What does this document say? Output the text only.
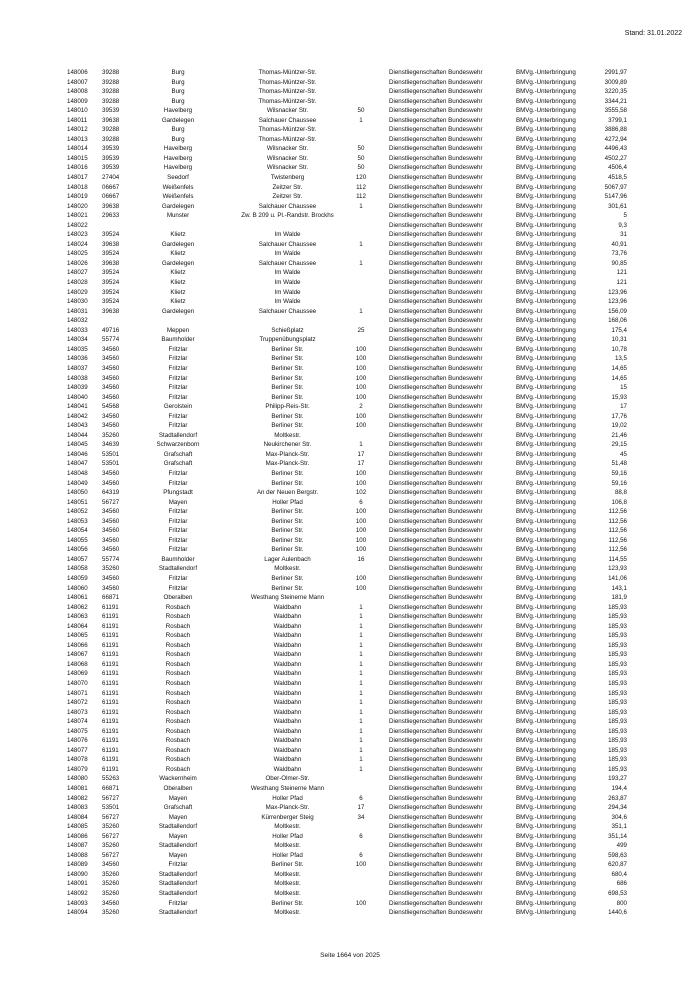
Stand: 31.01.2022
148006 39288	Burg	Thomas-Müntzer-Str.	Dienstliegenschaften Bundeswehr	BMVg.-Unterbringung	2991,97
148007 39288	Burg	Thomas-Müntzer-Str.	Dienstliegenschaften Bundeswehr	BMVg.-Unterbringung	3009,89
148008 39288	Burg	Thomas-Müntzer-Str.	Dienstliegenschaften Bundeswehr	BMVg.-Unterbringung	3220,35
148009 39288	Burg	Thomas-Müntzer-Str.	Dienstliegenschaften Bundeswehr	BMVg.-Unterbringung	3344,21
148010 39539	Havelberg	Wilsnacker Str.	50	Dienstliegenschaften Bundeswehr	BMVg.-Unterbringung	3555,58
148011 39638	Gardelegen	Salchauer Chaussee	1	Dienstliegenschaften Bundeswehr	BMVg.-Unterbringung	3799,1
148012 39288	Burg	Thomas-Müntzer-Str.	Dienstliegenschaften Bundeswehr	BMVg.-Unterbringung	3886,88
148013 39288	Burg	Thomas-Müntzer-Str.	Dienstliegenschaften Bundeswehr	BMVg.-Unterbringung	4272,94
148014 39539	Havelberg	Wilsnacker Str.	50	Dienstliegenschaften Bundeswehr	BMVg.-Unterbringung	4496,43
148015 39539	Havelberg	Wilsnacker Str.	50	Dienstliegenschaften Bundeswehr	BMVg.-Unterbringung	4502,27
148016 39539	Havelberg	Wilsnacker Str.	50	Dienstliegenschaften Bundeswehr	BMVg.-Unterbringung	4506,4
148017 27404	Seedorf	Twistenberg	120	Dienstliegenschaften Bundeswehr	BMVg.-Unterbringung	4518,5
148018 06667	Weißenfels	Zeitzer Str.	112	Dienstliegenschaften Bundeswehr	BMVg.-Unterbringung	5067,97
148019 06667	Weißenfels	Zeitzer Str.	112	Dienstliegenschaften Bundeswehr	BMVg.-Unterbringung	5147,96
148020 39638	Gardelegen	Salchauer Chaussee	1	Dienstliegenschaften Bundeswehr	BMVg.-Unterbringung	301,61
148021 29633	Munster	Zw. B 209 u. Pl.-Randstr. Brockhs	Dienstliegenschaften Bundeswehr	BMVg.-Unterbringung	5
148022	Dienstliegenschaften Bundeswehr	BMVg.-Unterbringung	9,3
148023 39524	Klietz	Im Walde	Dienstliegenschaften Bundeswehr	BMVg.-Unterbringung	31
148024 39638	Gardelegen	Salchauer Chaussee	1	Dienstliegenschaften Bundeswehr	BMVg.-Unterbringung	40,91
148025 39524	Klietz	Im Walde	Dienstliegenschaften Bundeswehr	BMVg.-Unterbringung	73,76
148026 39638	Gardelegen	Salchauer Chaussee	1	Dienstliegenschaften Bundeswehr	BMVg.-Unterbringung	90,85
148027 39524	Klietz	Im Walde	Dienstliegenschaften Bundeswehr	BMVg.-Unterbringung	121
148028 39524	Klietz	Im Walde	Dienstliegenschaften Bundeswehr	BMVg.-Unterbringung	121
148029 39524	Klietz	Im Walde	Dienstliegenschaften Bundeswehr	BMVg.-Unterbringung	123,96
148030 39524	Klietz	Im Walde	Dienstliegenschaften Bundeswehr	BMVg.-Unterbringung	123,96
148031 39638	Gardelegen	Salchauer Chaussee	1	Dienstliegenschaften Bundeswehr	BMVg.-Unterbringung	156,09
148032	Dienstliegenschaften Bundeswehr	BMVg.-Unterbringung	168,06
148033 49716	Meppen	Schießplatz	25	Dienstliegenschaften Bundeswehr	BMVg.-Unterbringung	175,4
148034 55774	Baumholder	Truppenübungsplatz	Dienstliegenschaften Bundeswehr	BMVg.-Unterbringung	10,31
148035 34560	Fritzlar	Berliner Str.	100	Dienstliegenschaften Bundeswehr	BMVg.-Unterbringung	10,78
148036 34560	Fritzlar	Berliner Str.	100	Dienstliegenschaften Bundeswehr	BMVg.-Unterbringung	13,5
148037 34560	Fritzlar	Berliner Str.	100	Dienstliegenschaften Bundeswehr	BMVg.-Unterbringung	14,65
148038 34560	Fritzlar	Berliner Str.	100	Dienstliegenschaften Bundeswehr	BMVg.-Unterbringung	14,65
148039 34560	Fritzlar	Berliner Str.	100	Dienstliegenschaften Bundeswehr	BMVg.-Unterbringung	15
148040 34560	Fritzlar	Berliner Str.	100	Dienstliegenschaften Bundeswehr	BMVg.-Unterbringung	15,93
148041 54568	Gerolstein	Philipp-Reis-Str.	2	Dienstliegenschaften Bundeswehr	BMVg.-Unterbringung	17
148042 34560	Fritzlar	Berliner Str.	100	Dienstliegenschaften Bundeswehr	BMVg.-Unterbringung	17,76
148043 34560	Fritzlar	Berliner Str.	100	Dienstliegenschaften Bundeswehr	BMVg.-Unterbringung	19,02
148044 35260	Stadtallendorf	Moltkestr.	Dienstliegenschaften Bundeswehr	BMVg.-Unterbringung	21,46
148045 34639	Schwarzenborn	Neukirchener Str.	1	Dienstliegenschaften Bundeswehr	BMVg.-Unterbringung	29,15
148046 53501	Grafschaft	Max-Planck-Str.	17	Dienstliegenschaften Bundeswehr	BMVg.-Unterbringung	45
148047 53501	Grafschaft	Max-Planck-Str.	17	Dienstliegenschaften Bundeswehr	BMVg.-Unterbringung	51,48
148048 34560	Fritzlar	Berliner Str.	100	Dienstliegenschaften Bundeswehr	BMVg.-Unterbringung	59,16
148049 34560	Fritzlar	Berliner Str.	100	Dienstliegenschaften Bundeswehr	BMVg.-Unterbringung	59,16
148050 64319	Pfungstadt	An der Neuen Bergstr.	102	Dienstliegenschaften Bundeswehr	BMVg.-Unterbringung	88,8
148051 56727	Mayen	Holler Pfad	6	Dienstliegenschaften Bundeswehr	BMVg.-Unterbringung	106,8
148052 34560	Fritzlar	Berliner Str.	100	Dienstliegenschaften Bundeswehr	BMVg.-Unterbringung	112,56
148053 34560	Fritzlar	Berliner Str.	100	Dienstliegenschaften Bundeswehr	BMVg.-Unterbringung	112,56
148054 34560	Fritzlar	Berliner Str.	100	Dienstliegenschaften Bundeswehr	BMVg.-Unterbringung	112,56
148055 34560	Fritzlar	Berliner Str.	100	Dienstliegenschaften Bundeswehr	BMVg.-Unterbringung	112,56
148056 34560	Fritzlar	Berliner Str.	100	Dienstliegenschaften Bundeswehr	BMVg.-Unterbringung	112,56
148057 55774	Baumholder	Lager Aulenbach	16	Dienstliegenschaften Bundeswehr	BMVg.-Unterbringung	114,55
148058 35260	Stadtallendorf	Moltkestr.	Dienstliegenschaften Bundeswehr	BMVg.-Unterbringung	123,93
148059 34560	Fritzlar	Berliner Str.	100	Dienstliegenschaften Bundeswehr	BMVg.-Unterbringung	141,06
148060 34560	Fritzlar	Berliner Str.	100	Dienstliegenschaften Bundeswehr	BMVg.-Unterbringung	143,1
148061 66871	Oberalben	Westhang Steinerne Mann	Dienstliegenschaften Bundeswehr	BMVg.-Unterbringung	181,9
148062 61191	Rosbach	Waldbahn	1	Dienstliegenschaften Bundeswehr	BMVg.-Unterbringung	185,93
148063 61191	Rosbach	Waldbahn	1	Dienstliegenschaften Bundeswehr	BMVg.-Unterbringung	185,93
148064 61191	Rosbach	Waldbahn	1	Dienstliegenschaften Bundeswehr	BMVg.-Unterbringung	185,93
148065 61191	Rosbach	Waldbahn	1	Dienstliegenschaften Bundeswehr	BMVg.-Unterbringung	185,93
148066 61191	Rosbach	Waldbahn	1	Dienstliegenschaften Bundeswehr	BMVg.-Unterbringung	185,93
148067 61191	Rosbach	Waldbahn	1	Dienstliegenschaften Bundeswehr	BMVg.-Unterbringung	185,93
148068 61191	Rosbach	Waldbahn	1	Dienstliegenschaften Bundeswehr	BMVg.-Unterbringung	185,93
148069 61191	Rosbach	Waldbahn	1	Dienstliegenschaften Bundeswehr	BMVg.-Unterbringung	185,93
148070 61191	Rosbach	Waldbahn	1	Dienstliegenschaften Bundeswehr	BMVg.-Unterbringung	185,93
148071 61191	Rosbach	Waldbahn	1	Dienstliegenschaften Bundeswehr	BMVg.-Unterbringung	185,93
148072 61191	Rosbach	Waldbahn	1	Dienstliegenschaften Bundeswehr	BMVg.-Unterbringung	185,93
148073 61191	Rosbach	Waldbahn	1	Dienstliegenschaften Bundeswehr	BMVg.-Unterbringung	185,93
148074 61191	Rosbach	Waldbahn	1	Dienstliegenschaften Bundeswehr	BMVg.-Unterbringung	185,93
148075 61191	Rosbach	Waldbahn	1	Dienstliegenschaften Bundeswehr	BMVg.-Unterbringung	185,93
148076 61191	Rosbach	Waldbahn	1	Dienstliegenschaften Bundeswehr	BMVg.-Unterbringung	185,93
148077 61191	Rosbach	Waldbahn	1	Dienstliegenschaften Bundeswehr	BMVg.-Unterbringung	185,93
148078 61191	Rosbach	Waldbahn	1	Dienstliegenschaften Bundeswehr	BMVg.-Unterbringung	185,93
148079 61191	Rosbach	Waldbahn	1	Dienstliegenschaften Bundeswehr	BMVg.-Unterbringung	185,93
148080 55263	Wackernheim	Ober-Olmer-Str.	Dienstliegenschaften Bundeswehr	BMVg.-Unterbringung	193,27
148081 66871	Oberalben	Westhang Steinerne Mann	Dienstliegenschaften Bundeswehr	BMVg.-Unterbringung	194,4
148082 56727	Mayen	Holler Pfad	6	Dienstliegenschaften Bundeswehr	BMVg.-Unterbringung	263,87
148083 53501	Grafschaft	Max-Planck-Str.	17	Dienstliegenschaften Bundeswehr	BMVg.-Unterbringung	294,34
148084 56727	Mayen	Kürrenberger Steig	34	Dienstliegenschaften Bundeswehr	BMVg.-Unterbringung	304,6
148085 35260	Stadtallendorf	Moltkestr.	Dienstliegenschaften Bundeswehr	BMVg.-Unterbringung	351,1
148086 56727	Mayen	Holler Pfad	6	Dienstliegenschaften Bundeswehr	BMVg.-Unterbringung	351,14
148087 35260	Stadtallendorf	Moltkestr.	Dienstliegenschaften Bundeswehr	BMVg.-Unterbringung	499
148088 56727	Mayen	Holler Pfad	6	Dienstliegenschaften Bundeswehr	BMVg.-Unterbringung	598,63
148089 34560	Fritzlar	Berliner Str.	100	Dienstliegenschaften Bundeswehr	BMVg.-Unterbringung	620,87
148090 35260	Stadtallendorf	Moltkestr.	Dienstliegenschaften Bundeswehr	BMVg.-Unterbringung	680,4
148091 35260	Stadtallendorf	Moltkestr.	Dienstliegenschaften Bundeswehr	BMVg.-Unterbringung	686
148092 35260	Stadtallendorf	Moltkestr.	Dienstliegenschaften Bundeswehr	BMVg.-Unterbringung	698,53
148093 34560	Fritzlar	Berliner Str.	100	Dienstliegenschaften Bundeswehr	BMVg.-Unterbringung	800
148094 35260	Stadtallendorf	Moltkestr.	Dienstliegenschaften Bundeswehr	BMVg.-Unterbringung	1440,6
Seite 1664 von 2025
